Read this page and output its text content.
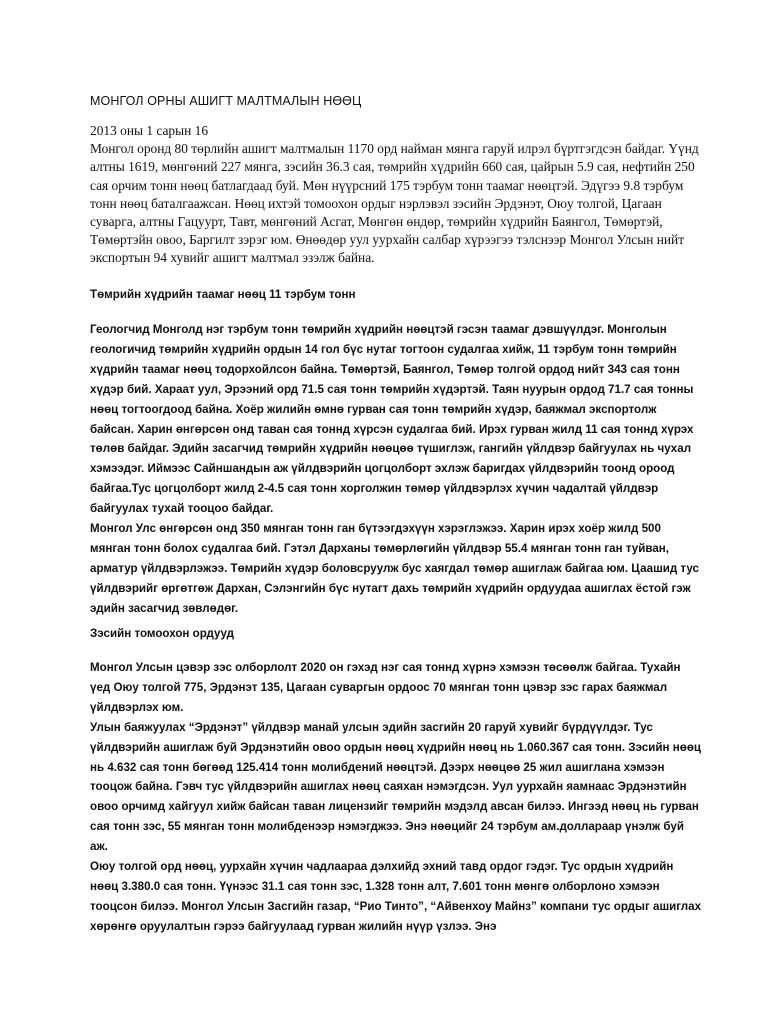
МОНГОЛ ОРНЫ АШИГТ МАЛТМАЛЫН НӨӨЦ
2013 оны 1 сарын 16
Монгол оронд 80 төрлийн ашигт малтмалын 1170 орд найман мянга гаруй илрэл бүртгэгдсэн байдаг. Үүнд алтны 1619, мөнгөний 227 мянга, зэсийн 36.3 сая, төмрийн хүдрийн 660 сая, цайрын 5.9 сая, нефтийн 250 сая орчим тонн нөөц батлагдаад буй. Мөн нүүрсний 175 тэрбум тонн таамаг нөөцтэй. Эдүгээ 9.8 тэрбум тонн нөөц баталгаажсан. Нөөц ихтэй томоохон ордыг нэрлэвэл зэсийн Эрдэнэт, Оюу толгой, Цагаан суварга, алтны Гацуурт, Тавт, мөнгөний Асгат, Мөнгөн өндөр, төмрийн хүдрийн Баянгол, Төмөртэй, Төмөртэйн овоо, Баргилт зэрэг юм. Өнөөдөр уул уурхайн салбар хүрээгээ тэлснээр Монгол Улсын нийт экспортын 94 хувийг ашигт малтмал эзэлж байна.
Төмрийн хүдрийн таамаг нөөц 11 тэрбум тонн
Геологчид Монголд нэг тэрбум тонн төмрийн хүдрийн нөөцтэй гэсэн таамаг дэвшүүлдэг. Монголын геологичид төмрийн хүдрийн ордын 14 гол бүс нутаг тогтоон судалгаа хийж, 11 тэрбум тонн төмрийн хүдрийн таамаг нөөц тодорхойлсон байна. Төмөртэй, Баянгол, Төмөр толгой ордод нийт 343 сая тонн хүдэр бий. Хараат уул, Эрээний орд 71.5 сая тонн төмрийн хүдэртэй. Таян нуурын ордод 71.7 сая тонны нөөц тогтоогдоод байна. Хоёр жилийн өмнө гурван сая тонн төмрийн хүдэр, баяжмал экспортолж байсан. Харин өнгөрсөн онд таван сая тоннд хүрсэн судалгаа бий. Ирэх гурван жилд 11 сая тоннд хүрэх төлөв байдаг. Эдийн засагчид төмрийн хүдрийн нөөцөө түшиглэж, гангийн үйлдвэр байгуулах нь чухал хэмээдэг. Иймээс Сайншандын аж үйлдвэрийн цогцолборт эхлэж баригдах үйлдвэрийн тоонд ороод байгаа.Тус цогцолборт жилд 2-4.5 сая тонн хорголжин төмөр үйлдвэрлэх хүчин чадалтай үйлдвэр байгуулах тухай тооцоо байдаг.
Монгол Улс өнгөрсөн онд 350 мянган тонн ган бүтээгдэхүүн хэрэглэжээ. Харин ирэх хоёр жилд 500 мянган тонн болох судалгаа бий. Гэтэл Дарханы төмөрлөгийн үйлдвэр 55.4 мянган тонн ган туйван, арматур үйлдвэрлэжээ. Төмрийн хүдэр боловсруулж бус хаягдал төмөр ашиглаж байгаа юм. Цаашид тус үйлдвэрийг өргөтгөж Дархан, Сэлэнгийн бүс нутагт дахь төмрийн хүдрийн ордуудаа ашиглах ёстой гэж эдийн засагчид зөвлөдөг.
Зэсийн томоохон ордууд
Монгол Улсын цэвэр зэс олборлолт 2020 он гэхэд нэг сая тоннд хүрнэ хэмээн төсөөлж байгаа. Тухайн үед Оюу толгой 775, Эрдэнэт 135, Цагаан суваргын ордоос 70 мянган тонн цэвэр зэс гарах баяжмал үйлдвэрлэх юм.
Улын баяжуулах “Эрдэнэт” үйлдвэр манай улсын эдийн засгийн 20 гаруй хувийг бүрдүүлдэг. Тус үйлдвэрийн ашиглаж буй Эрдэнэтийн овоо ордын нөөц хүдрийн нөөц нь 1.060.367 сая тонн. Зэсийн нөөц нь 4.632 сая тонн бөгөөд 125.414 тонн молибдений нөөцтэй. Дээрх нөөцөө 25 жил ашиглана хэмээн тооцож байна. Гэвч тус үйлдвэрийн ашиглах нөөц саяхан нэмэгдсэн. Уул уурхайн яамнаас Эрдэнэтийн овоо орчимд хайгуул хийж байсан таван лицензийг төмрийн мэдэлд авсан билээ. Ингээд нөөц нь гурван сая тонн зэс, 55 мянган тонн молибденээр нэмэгджээ. Энэ нөөцийг 24 тэрбум ам.доллараар үнэлж буй аж.
Оюу толгой орд нөөц, уурхайн хүчин чадлаараа дэлхийд эхний тавд ордог гэдэг. Тус ордын хүдрийн нөөц 3.380.0 сая тонн. Үүнээс 31.1 сая тонн зэс, 1.328 тонн алт, 7.601 тонн мөнгө олборлоно хэмээн тооцсон билээ. Монгол Улсын Засгийн газар, “Рио Тинто”, “Айвенхоу Майнз” компани тус ордыг ашиглах хөрөнгө оруулалтын гэрээ байгуулаад гурван жилийн нүүр үзлээ. Энэ
